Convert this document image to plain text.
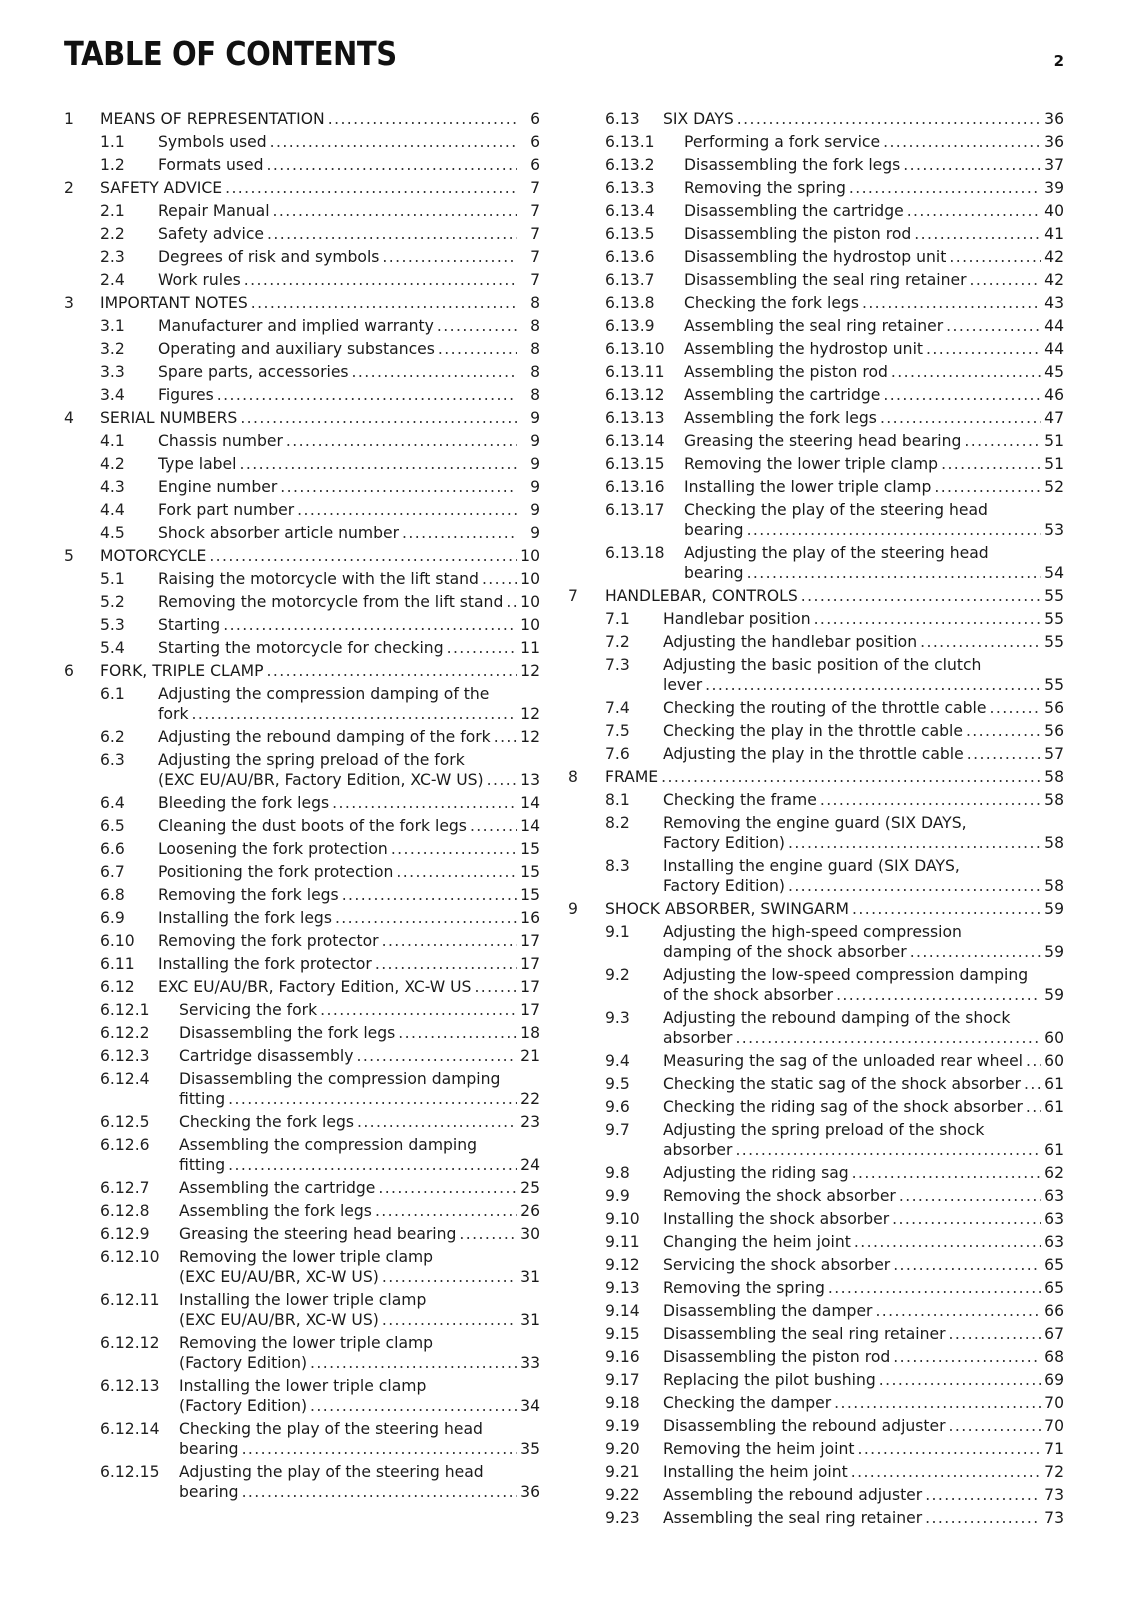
TABLE OF CONTENTS	2
1	MEANS OF REPRESENTATION .....	6
1.1	Symbols used .....	6
1.2	Formats used .....	6
2	SAFETY ADVICE .....	7
2.1	Repair Manual .....	7
2.2	Safety advice .....	7
2.3	Degrees of risk and symbols .....	7
2.4	Work rules .....	7
3	IMPORTANT NOTES .....	8
3.1	Manufacturer and implied warranty .....	8
3.2	Operating and auxiliary substances .....	8
3.3	Spare parts, accessories .....	8
3.4	Figures .....	8
4	SERIAL NUMBERS .....	9
4.1	Chassis number .....	9
4.2	Type label .....	9
4.3	Engine number .....	9
4.4	Fork part number .....	9
4.5	Shock absorber article number .....	9
5	MOTORCYCLE .....	10
5.1	Raising the motorcycle with the lift stand .....	10
5.2	Removing the motorcycle from the lift stand ..... 10
5.3	Starting .....	10
5.4	Starting the motorcycle for checking .....	11
6	FORK, TRIPLE CLAMP .....	12
6.1	Adjusting the compression damping of the
fork .....	12
6.2	Adjusting the rebound damping of the fork ..... 12
6.3	Adjusting the spring preload of the fork
(EXC EU/AU/BR, Factory Edition, XC-W US) ..... 13
6.4	Bleeding the fork legs .....	14
6.5	Cleaning the dust boots of the fork legs .....	14
6.6	Loosening the fork protection .....	15
6.7	Positioning the fork protection .....	15
6.8	Removing the fork legs .....	15
6.9	Installing the fork legs .....	16
6.10	Removing the fork protector .....	17
6.11	Installing the fork protector .....	17
6.12	EXC EU/AU/BR, Factory Edition, XC-W US .....	17
6.12.1	Servicing the fork .....	17
6.12.2	Disassembling the fork legs .....	18
6.12.3	Cartridge disassembly .....	21
6.12.4	Disassembling the compression damping
fitting .....	22
6.12.5	Checking the fork legs .....	23
6.12.6	Assembling the compression damping
fitting .....	24
6.12.7	Assembling the cartridge .....	25
6.12.8	Assembling the fork legs .....	26
6.12.9	Greasing the steering head bearing .....	30
6.12.10	Removing the lower triple clamp
(EXC EU/AU/BR, XC-W US) .....	31
6.12.11	Installing the lower triple clamp
(EXC EU/AU/BR, XC-W US) .....	31
6.12.12	Removing the lower triple clamp
(Factory Edition) .....	33
6.12.13	Installing the lower triple clamp
(Factory Edition) .....	34
6.12.14	Checking the play of the steering head
bearing .....	35
6.12.15	Adjusting the play of the steering head
bearing .....	36
6.13	SIX DAYS .....	36
6.13.1	Performing a fork service .....	36
6.13.2	Disassembling the fork legs .....	37
6.13.3	Removing the spring .....	39
6.13.4	Disassembling the cartridge .....	40
6.13.5	Disassembling the piston rod .....	41
6.13.6	Disassembling the hydrostop unit .....	42
6.13.7	Disassembling the seal ring retainer .....	42
6.13.8	Checking the fork legs .....	43
6.13.9	Assembling the seal ring retainer .....	44
6.13.10	Assembling the hydrostop unit .....	44
6.13.11	Assembling the piston rod .....	45
6.13.12	Assembling the cartridge .....	46
6.13.13	Assembling the fork legs .....	47
6.13.14	Greasing the steering head bearing .....	51
6.13.15	Removing the lower triple clamp .....	51
6.13.16	Installing the lower triple clamp .....	52
6.13.17	Checking the play of the steering head
bearing .....	53
6.13.18	Adjusting the play of the steering head
bearing .....	54
7	HANDLEBAR, CONTROLS .....	55
7.1	Handlebar position .....	55
7.2	Adjusting the handlebar position .....	55
7.3	Adjusting the basic position of the clutch
lever .....	55
7.4	Checking the routing of the throttle cable .....	56
7.5	Checking the play in the throttle cable .....	56
7.6	Adjusting the play in the throttle cable .....	57
8	FRAME .....	58
8.1	Checking the frame .....	58
8.2	Removing the engine guard (SIX DAYS,
Factory Edition) .....	58
8.3	Installing the engine guard (SIX DAYS,
Factory Edition) .....	58
9	SHOCK ABSORBER, SWINGARM .....	59
9.1	Adjusting the high-speed compression
damping of the shock absorber .....	59
9.2	Adjusting the low-speed compression damping
of the shock absorber .....	59
9.3	Adjusting the rebound damping of the shock
absorber .....	60
9.4	Measuring the sag of the unloaded rear wheel ..... 60
9.5	Checking the static sag of the shock absorber ..... 61
9.6	Checking the riding sag of the shock absorber ..... 61
9.7	Adjusting the spring preload of the shock
absorber .....	61
9.8	Adjusting the riding sag .....	62
9.9	Removing the shock absorber .....	63
9.10	Installing the shock absorber .....	63
9.11	Changing the heim joint .....	63
9.12	Servicing the shock absorber .....	65
9.13	Removing the spring .....	65
9.14	Disassembling the damper .....	66
9.15	Disassembling the seal ring retainer .....	67
9.16	Disassembling the piston rod .....	68
9.17	Replacing the pilot bushing .....	69
9.18	Checking the damper .....	70
9.19	Disassembling the rebound adjuster .....	70
9.20	Removing the heim joint .....	71
9.21	Installing the heim joint .....	72
9.22	Assembling the rebound adjuster .....	73
9.23	Assembling the seal ring retainer .....	73
